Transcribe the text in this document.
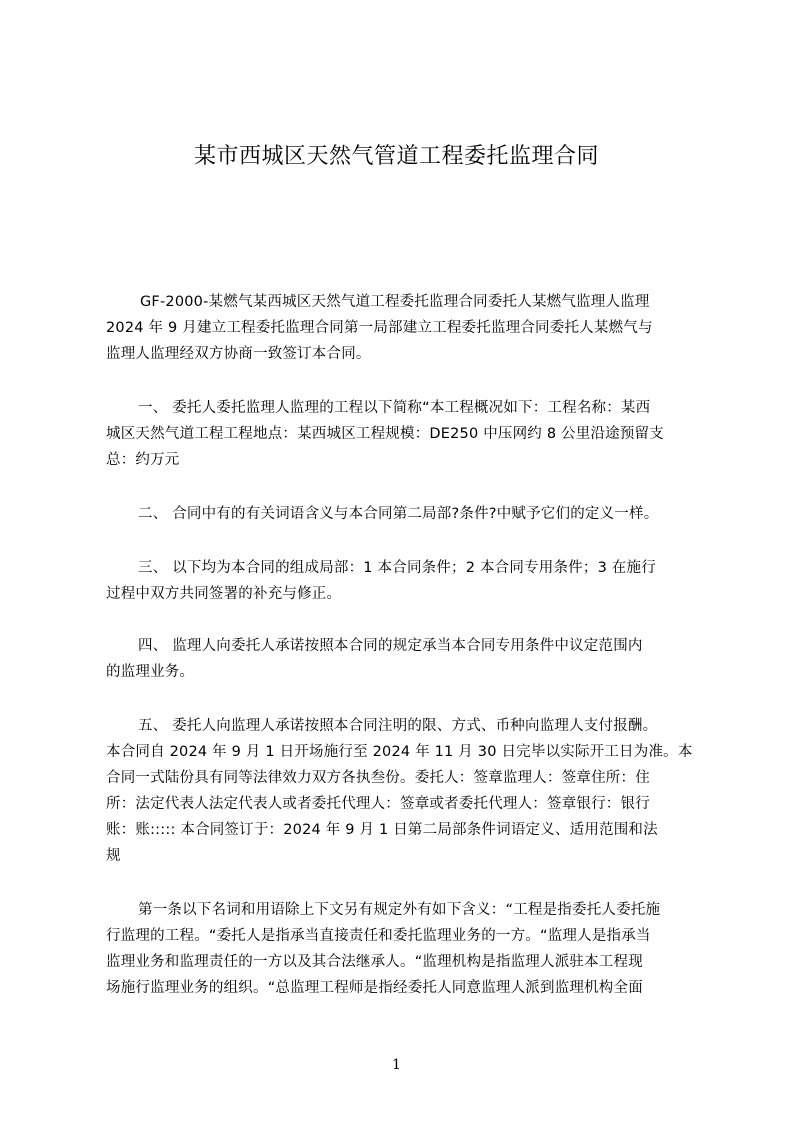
某市西城区天然气管道工程委托监理合同
GF-2000-某燃气某西城区天然气道工程委托监理合同委托人某燃气监理人监理
2024 年 9 月建立工程委托监理合同第一局部建立工程委托监理合同委托人某燃气与
监理人监理经双方协商一致签订本合同。
一、 委托人委托监理人监理的工程以下简称“本工程概况如下：工程名称：某西
城区天然气道工程工程地点：某西城区工程规模：DE250 中压网约 8 公里沿途预留支
总：约万元
二、 合同中有的有关词语含义与本合同第二局部?条件?中赋予它们的定义一样。
三、 以下均为本合同的组成局部：1 本合同条件；2 本合同专用条件；3 在施行
过程中双方共同签署的补充与修正。
四、 监理人向委托人承诺按照本合同的规定承当本合同专用条件中议定范围内
的监理业务。
五、 委托人向监理人承诺按照本合同注明的限、方式、币种向监理人支付报酬。
本合同自 2024 年 9 月 1 日开场施行至 2024 年 11 月 30 日完毕以实际开工日为准。本
合同一式陆份具有同等法律效力双方各执叁份。委托人：签章监理人：签章住所：住
所：法定代表人法定代表人或者委托代理人：签章或者委托代理人：签章银行：银行
账：账::::: 本合同签订于：2024 年 9 月 1 日第二局部条件词语定义、适用范围和法
规
第一条以下名词和用语除上下文另有规定外有如下含义：“工程是指委托人委托施
行监理的工程。“委托人是指承当直接责任和委托监理业务的一方。“监理人是指承当
监理业务和监理责任的一方以及其合法继承人。“监理机构是指监理人派驻本工程现
场施行监理业务的组织。“总监理工程师是指经委托人同意监理人派到监理机构全面
1
